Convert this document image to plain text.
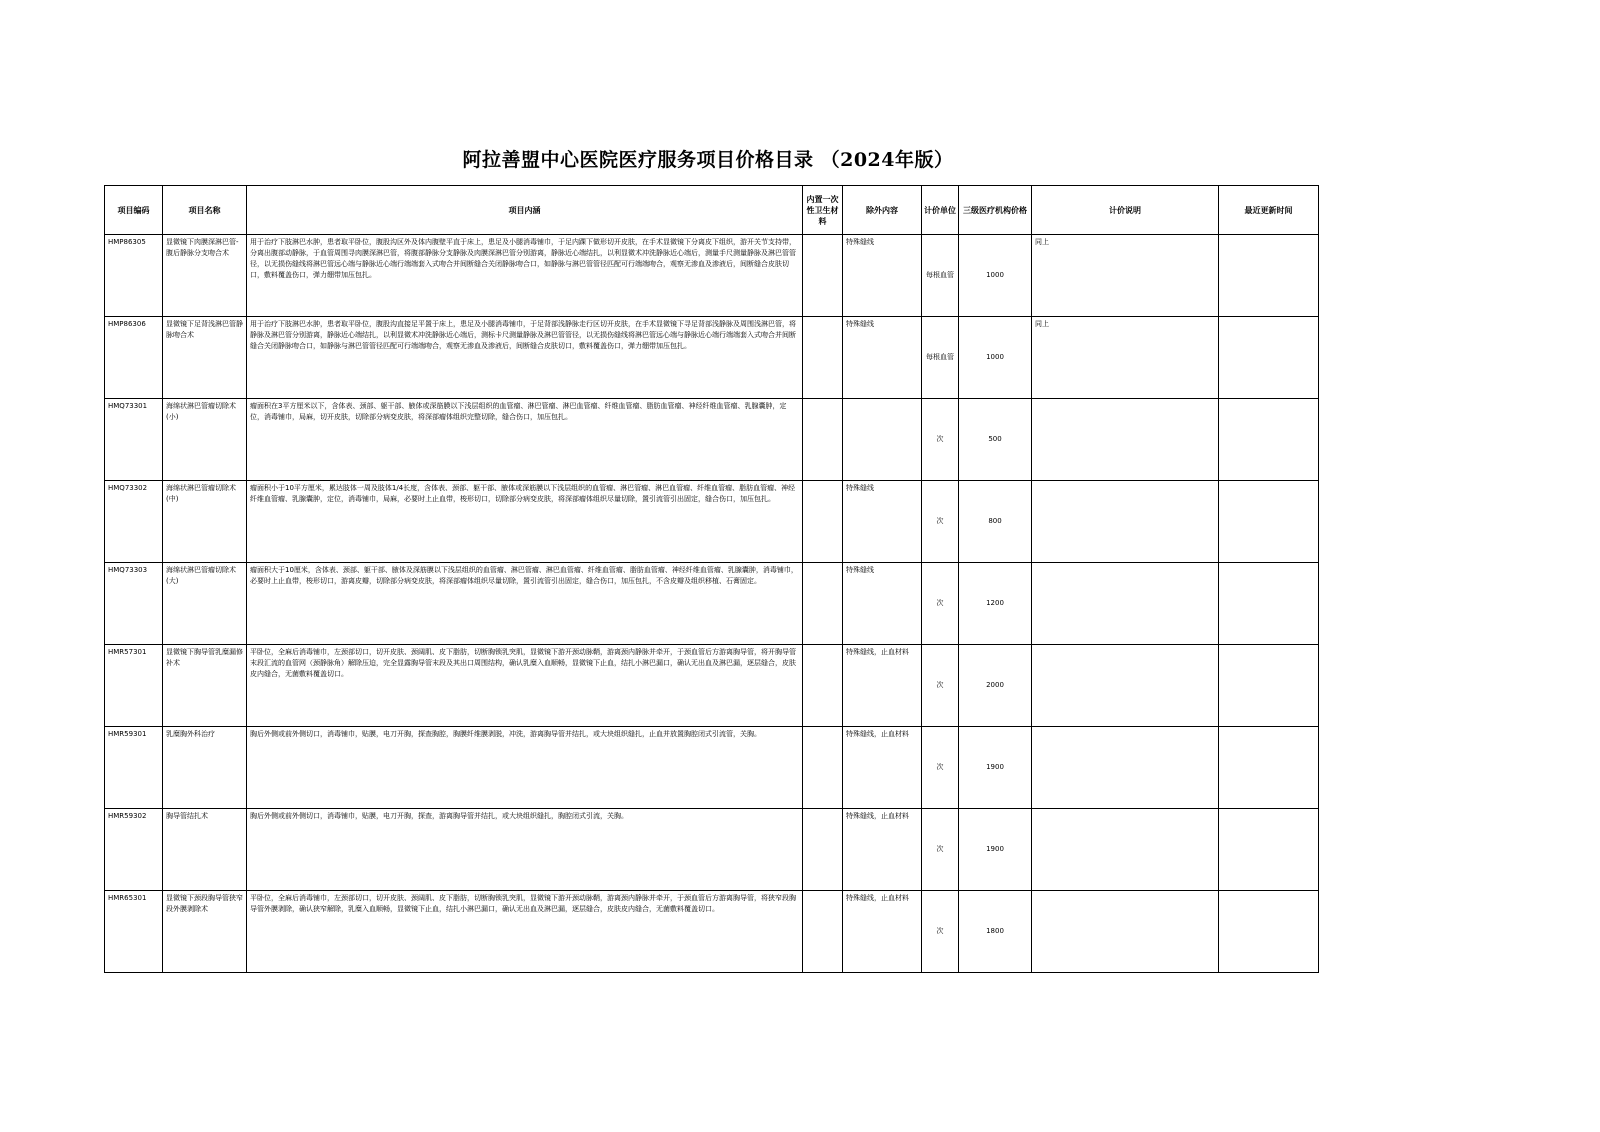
阿拉善盟中心医院医疗服务项目价格目录 （2024年版）
项目编码	项目名称	项目内涵	内置一次性卫生材料	除外内容	计价单位	三级医疗机构价格	计价说明	最近更新时间
HMP86305	显微镜下肉膜深淋巴管-腹后静脉分支吻合术	用于治疗下肢淋巴水肿，患者取平卧位，腹股沟区外及体内腹壁平直于床上，患足及小腿消毒铺巾，于足内踝下做形切开皮肤，在手术显微镜下分离皮下组织，游开关节支持带，分离出腹部动静脉，于血管周围寻肉膜深淋巴管，将腹部静脉分支静脉及肉膜深淋巴管分别游离，静脉近心端结扎，以利显微术冲洗静脉近心端后，测量手尺测量静脉及淋巴管管径，以无损伤缝线将淋巴管远心端与静脉近心端行端端套入式吻合并间断缝合关闭静脉吻合口，如静脉与淋巴管管径匹配可行端端吻合，观察无渗血及渗液后，间断缝合皮肤切口，敷料覆盖伤口，弹力绷带加压包扎。		特殊缝线	每根血管	1000	同上	
HMP86306	显微镜下足背浅淋巴管静脉吻合术	用于治疗下肢淋巴水肿，患者取平卧位，腹股沟直接足平置于床上，患足及小腿消毒铺巾，于足背部浅静脉走行区切开皮肤，在手术显微镜下寻足背部浅静脉及周围浅淋巴管，将静脉及淋巴管分别游离，静脉近心端结扎，以利显微术冲洗静脉近心端后，测标卡尺测量静脉及淋巴管管径，以无损伤缝线将淋巴管远心端与静脉近心端行端端套入式吻合并间断缝合关闭静脉吻合口，如静脉与淋巴管管径匹配可行端端吻合，观察无渗血及渗液后，间断缝合皮肤切口，敷料覆盖伤口，弹力绷带加压包扎。		特殊缝线	每根血管	1000	同上	
HMQ73301	海绵状淋巴管瘤切除术(小)	瘤面积在3平方厘米以下，含体表、颈部、躯干部、腋体或深筋膜以下浅层组织的血管瘤、淋巴管瘤、淋巴血管瘤、纤维血管瘤、脂肪血管瘤、神经纤维血管瘤、乳腺囊肿，定位，消毒铺巾，局麻，切开皮肤，切除部分病变皮肤，将深部瘤体组织完整切除，缝合伤口，加压包扎。			次	500		
HMQ73302	海绵状淋巴管瘤切除术(中)	瘤面积小于10平方厘米，累达肢体一周及肢体1/4长度，含体表、颈部、躯干部、腋体或深筋膜以下浅层组织的血管瘤、淋巴管瘤、淋巴血管瘤、纤维血管瘤、脂肪血管瘤、神经纤维血管瘤、乳腺囊肿，定位，消毒铺巾，局麻，必要时上止血带，梭形切口，切除部分病变皮肤，将深部瘤体组织尽量切除，置引流管引出固定，缝合伤口，加压包扎。		特殊缝线	次	800		
HMQ73303	海绵状淋巴管瘤切除术(大)	瘤面积大于10厘米，含体表、颈部、躯干部、腋体及深筋膜以下浅层组织的血管瘤、淋巴管瘤、淋巴血管瘤、纤维血管瘤、脂肪血管瘤、神经纤维血管瘤、乳腺囊肿，消毒铺巾，必要时上止血带，梭形切口，游离皮瓣，切除部分病变皮肤，将深部瘤体组织尽量切除，置引流管引出固定，缝合伤口，加压包扎，不含皮瓣及组织移植、石膏固定。		特殊缝线	次	1200		
HMR57301	显微镜下胸导管乳糜漏修补术	平卧位，全麻后消毒铺巾，左颈部切口，切开皮肤、颈阔肌、皮下脂肪，切断胸锁乳突肌，显微镜下游开颈动脉鞘，游离颈内静脉并牵开，于颈血管后方游离胸导管，将开胸导管末段汇流的血管网（颈静脉角）解除压迫，完全显露胸导管末段及其出口周围结构，确认乳糜入血顺畅，显微镜下止血，结扎小淋巴漏口，确认无出血及淋巴漏，逐层缝合，皮肤皮内缝合，无菌敷料覆盖切口。		特殊缝线，止血材料	次	2000		
HMR59301	乳糜胸外科治疗	胸后外侧或前外侧切口，消毒铺巾，贴膜，电刀开胸，探查胸腔，胸膜纤维膜剥脱，冲洗，游离胸导管并结扎，或大块组织缝扎，止血并放置胸腔闭式引流管，关胸。		特殊缝线，止血材料	次	1900		
HMR59302	胸导管结扎术	胸后外侧或前外侧切口，消毒铺巾，贴膜，电刀开胸，探查，游离胸导管并结扎，或大块组织缝扎，胸腔闭式引流，关胸。		特殊缝线，止血材料	次	1900		
HMR65301	显微镜下颈段胸导管狭窄段外膜剥除术	平卧位，全麻后消毒铺巾，左颈部切口，切开皮肤、颈阔肌、皮下脂肪，切断胸锁乳突肌，显微镜下游开颈动脉鞘，游离颈内静脉并牵开，于颈血管后方游离胸导管，将狭窄段胸导管外膜剥除，确认狭窄解除，乳糜入血顺畅，显微镜下止血，结扎小淋巴漏口，确认无出血及淋巴漏，逐层缝合，皮肤皮内缝合，无菌敷料覆盖切口。		特殊缝线，止血材料	次	1800		
